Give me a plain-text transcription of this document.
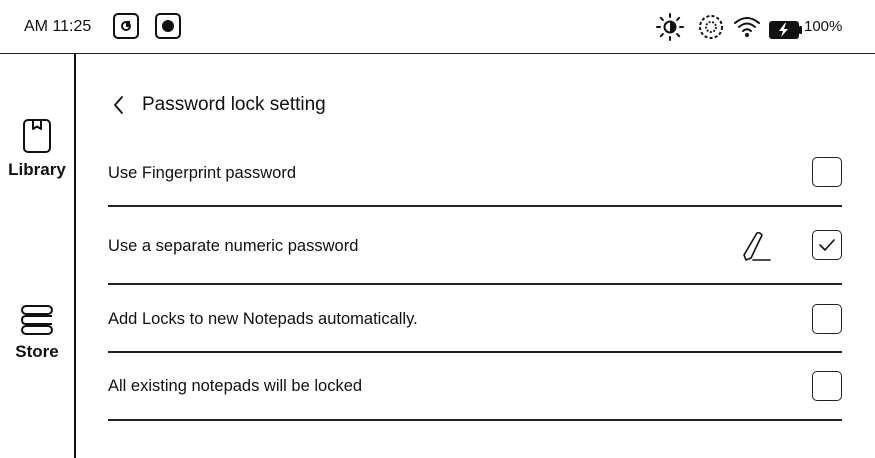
AM 11:25	100%
Library
Store
Password lock setting
Use Fingerprint password
Use a separate numeric password
Add Locks to new Notepads automatically.
All existing notepads will be locked
